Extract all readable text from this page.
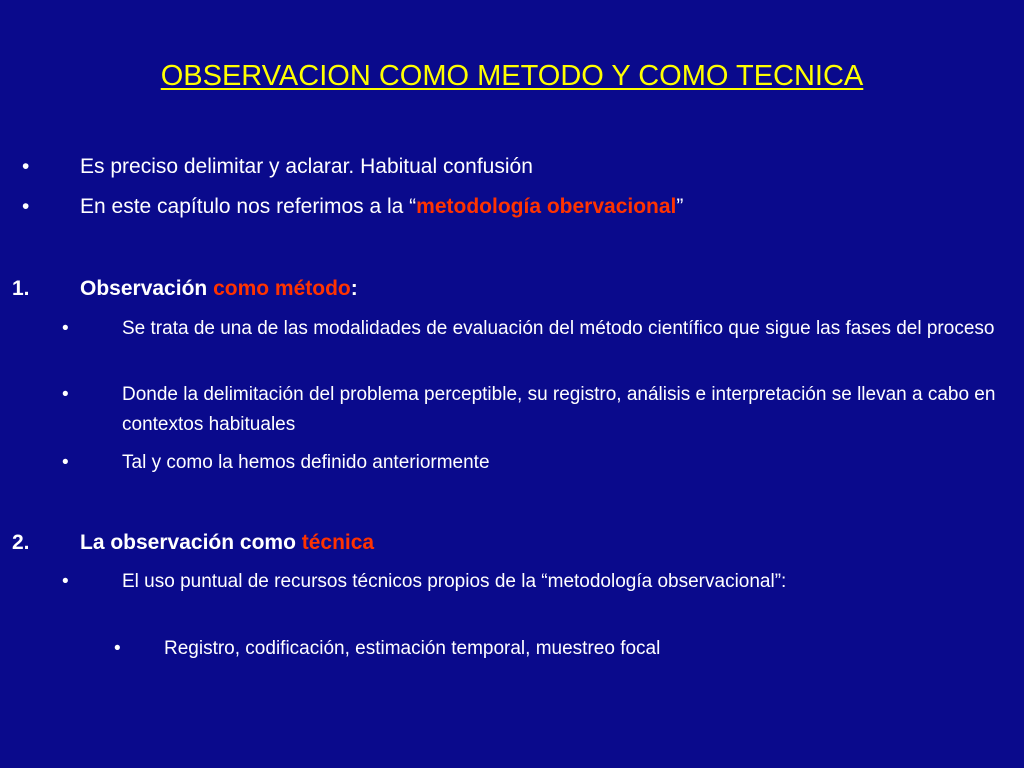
OBSERVACION COMO METODO Y COMO TECNICA
• Es preciso delimitar y aclarar. Habitual confusión
• En este capítulo nos referimos a la “metodología obervacional”
1. Observación como método:
•	Se trata de una de las modalidades de evaluación del método científico que sigue las fases del proceso
•	Donde la delimitación del problema perceptible, su registro, análisis e interpretación se llevan a cabo en contextos habituales
•	Tal y como la hemos definido anteriormente
2. La observación como técnica
•	El uso puntual de recursos técnicos propios de la “metodología observacional”:
• Registro, codificación, estimación temporal, muestreo focal
